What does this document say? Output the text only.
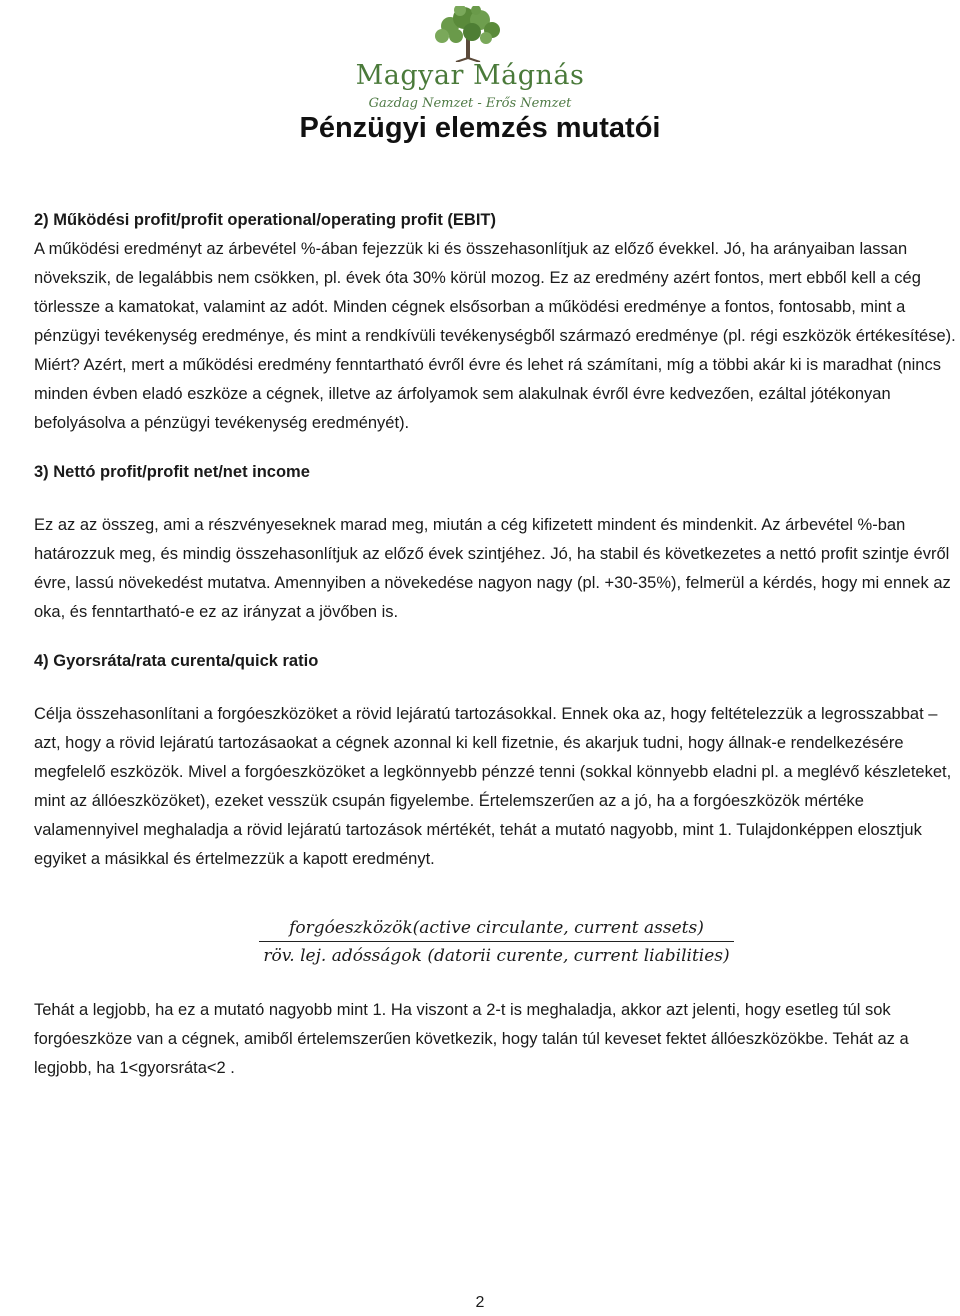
Magyar Mágnás
Gazdag Nemzet - Erős Nemzet
Pénzügyi elemzés mutatói

2) Működési profit/profit operational/operating profit (EBIT)

A működési eredményt az árbevétel %-ában fejezzük ki és összehasonlítjuk az előző évekkel. Jó, ha arányaiban lassan növekszik, de legalábbis nem csökken, pl. évek óta 30% körül mozog. Ez az eredmény azért fontos, mert ebből kell a cég törlessze a kamatokat, valamint az adót. Minden cégnek elsősorban a működési eredménye a fontos, fontosabb, mint a pénzügyi tevékenység eredménye, és mint a rendkívüli tevékenységből származó eredménye (pl. régi eszközök értékesítése). Miért? Azért, mert a működési eredmény fenntartható évről évre és lehet rá számítani, míg a többi akár ki is maradhat (nincs minden évben eladó eszköze a cégnek, illetve az árfolyamok sem alakulnak évről évre kedvezően, ezáltal jótékonyan befolyásolva a pénzügyi tevékenység eredményét).

3) Nettó profit/profit net/net income

Ez az az összeg, ami a részvényeseknek marad meg, miután a cég kifizetett mindent és mindenkit. Az árbevétel %-ban határozzuk meg, és mindig összehasonlítjuk az előző évek szintjéhez. Jó, ha stabil és következetes a nettó profit szintje évről évre, lassú növekedést mutatva. Amennyiben a növekedése nagyon nagy (pl. +30-35%), felmerül a kérdés, hogy mi ennek az oka, és fenntartható-e ez az irányzat a jövőben is.

4) Gyorsráta/rata curenta/quick ratio

Célja összehasonlítani a forgóeszközöket a rövid lejáratú tartozásokkal. Ennek oka az, hogy feltételezzük a legrosszabbat – azt, hogy a rövid lejáratú tartozásaokat a cégnek azonnal ki kell fizetnie, és akarjuk tudni, hogy állnak-e rendelkezésére megfelelő eszközök. Mivel a forgóeszközöket a legkönnyebb pénzzé tenni (sokkal könnyebb eladni pl. a meglévő készleteket, mint az állóeszközöket), ezeket vesszük csupán figyelembe. Értelemszerűen az a jó, ha a forgóeszközök mértéke valamennyivel meghaladja a rövid lejáratú tartozások mértékét, tehát a mutató nagyobb, mint 1. Tulajdonképpen elosztjuk egyiket a másikkal és értelmezzük a kapott eredményt.

$\frac{\text{forgóeszközök(active circulante, current assets)}}{\text{röv. lej. adósságok (datorii curente, current liabilities)}}$

Tehát a legjobb, ha ez a mutató nagyobb mint 1. Ha viszont a 2-t is meghaladja, akkor azt jelenti, hogy esetleg túl sok forgóeszköze van a cégnek, amiből értelemszerűen következik, hogy talán túl keveset fektet állóeszközökbe. Tehát az a legjobb, ha 1<gyorsráta<2 .

2
